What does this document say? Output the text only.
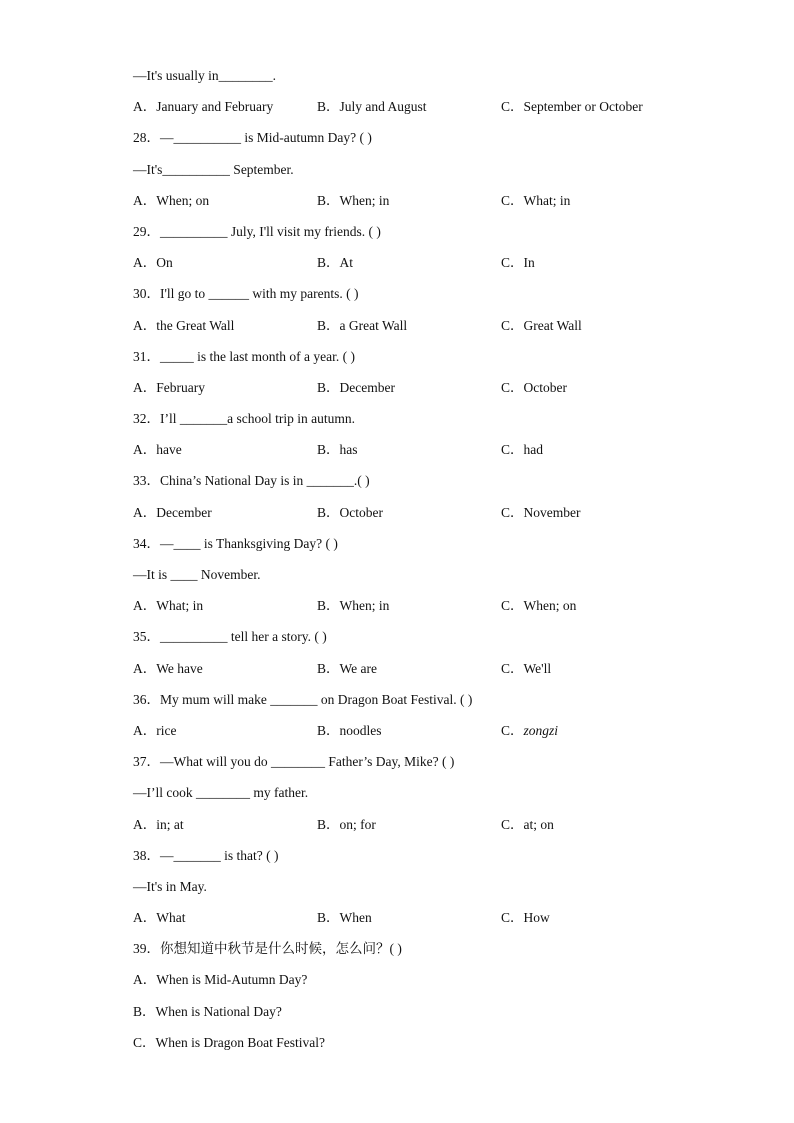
—It's usually in________.
A．January and February	B．July and August	C．September or October
28．—__________ is Mid-autumn Day? ( )
—It's__________ September.
A．When; on	B．When; in	C．What; in
29．__________ July, I'll visit my friends. ( )
A．On	B．At	C．In
30．I'll go to ______ with my parents. ( )
A．the Great Wall	B．a Great Wall	C．Great Wall
31．_____ is the last month of a year. ( )
A．February	B．December	C．October
32．I’ll _______a school trip in autumn.
A．have	B．has	C．had
33．China’s National Day is in _______.( )
A．December	B．October	C．November
34．—____ is Thanksgiving Day? ( )
—It is ____ November.
A．What; in	B．When; in	C．When; on
35．__________ tell her a story. ( )
A．We have	B．We are	C．We'll
36．My mum will make _______ on Dragon Boat Festival. ( )
A．rice	B．noodles	C．zongzi
37．—What will you do ________ Father’s Day, Mike? ( )
—I’ll cook ________ my father.
A．in; at	B．on; for	C．at; on
38．—_______ is that? ( )
—It's in May.
A．What	B．When	C．How
39．你想知道中秋节是什么时候，怎么问？( )
A．When is Mid-Autumn Day?
B．When is National Day?
C．When is Dragon Boat Festival?
